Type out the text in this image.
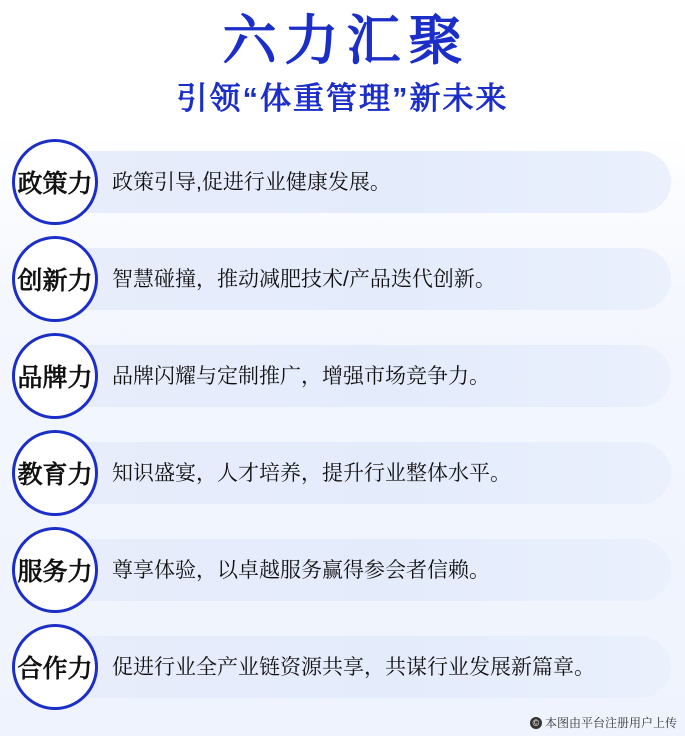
六力汇聚
引领“体重管理”新未来
政策力 政策引导,促进行业健康发展。
创新力 智慧碰撞，推动减肥技术/产品迭代创新。
品牌力 品牌闪耀与定制推广，增强市场竞争力。
教育力 知识盛宴，人才培养，提升行业整体水平。
服务力 尊享体验，以卓越服务赢得参会者信赖。
合作力 促进行业全产业链资源共享，共谋行业发展新篇章。
© 本图由平台注册用户上传
